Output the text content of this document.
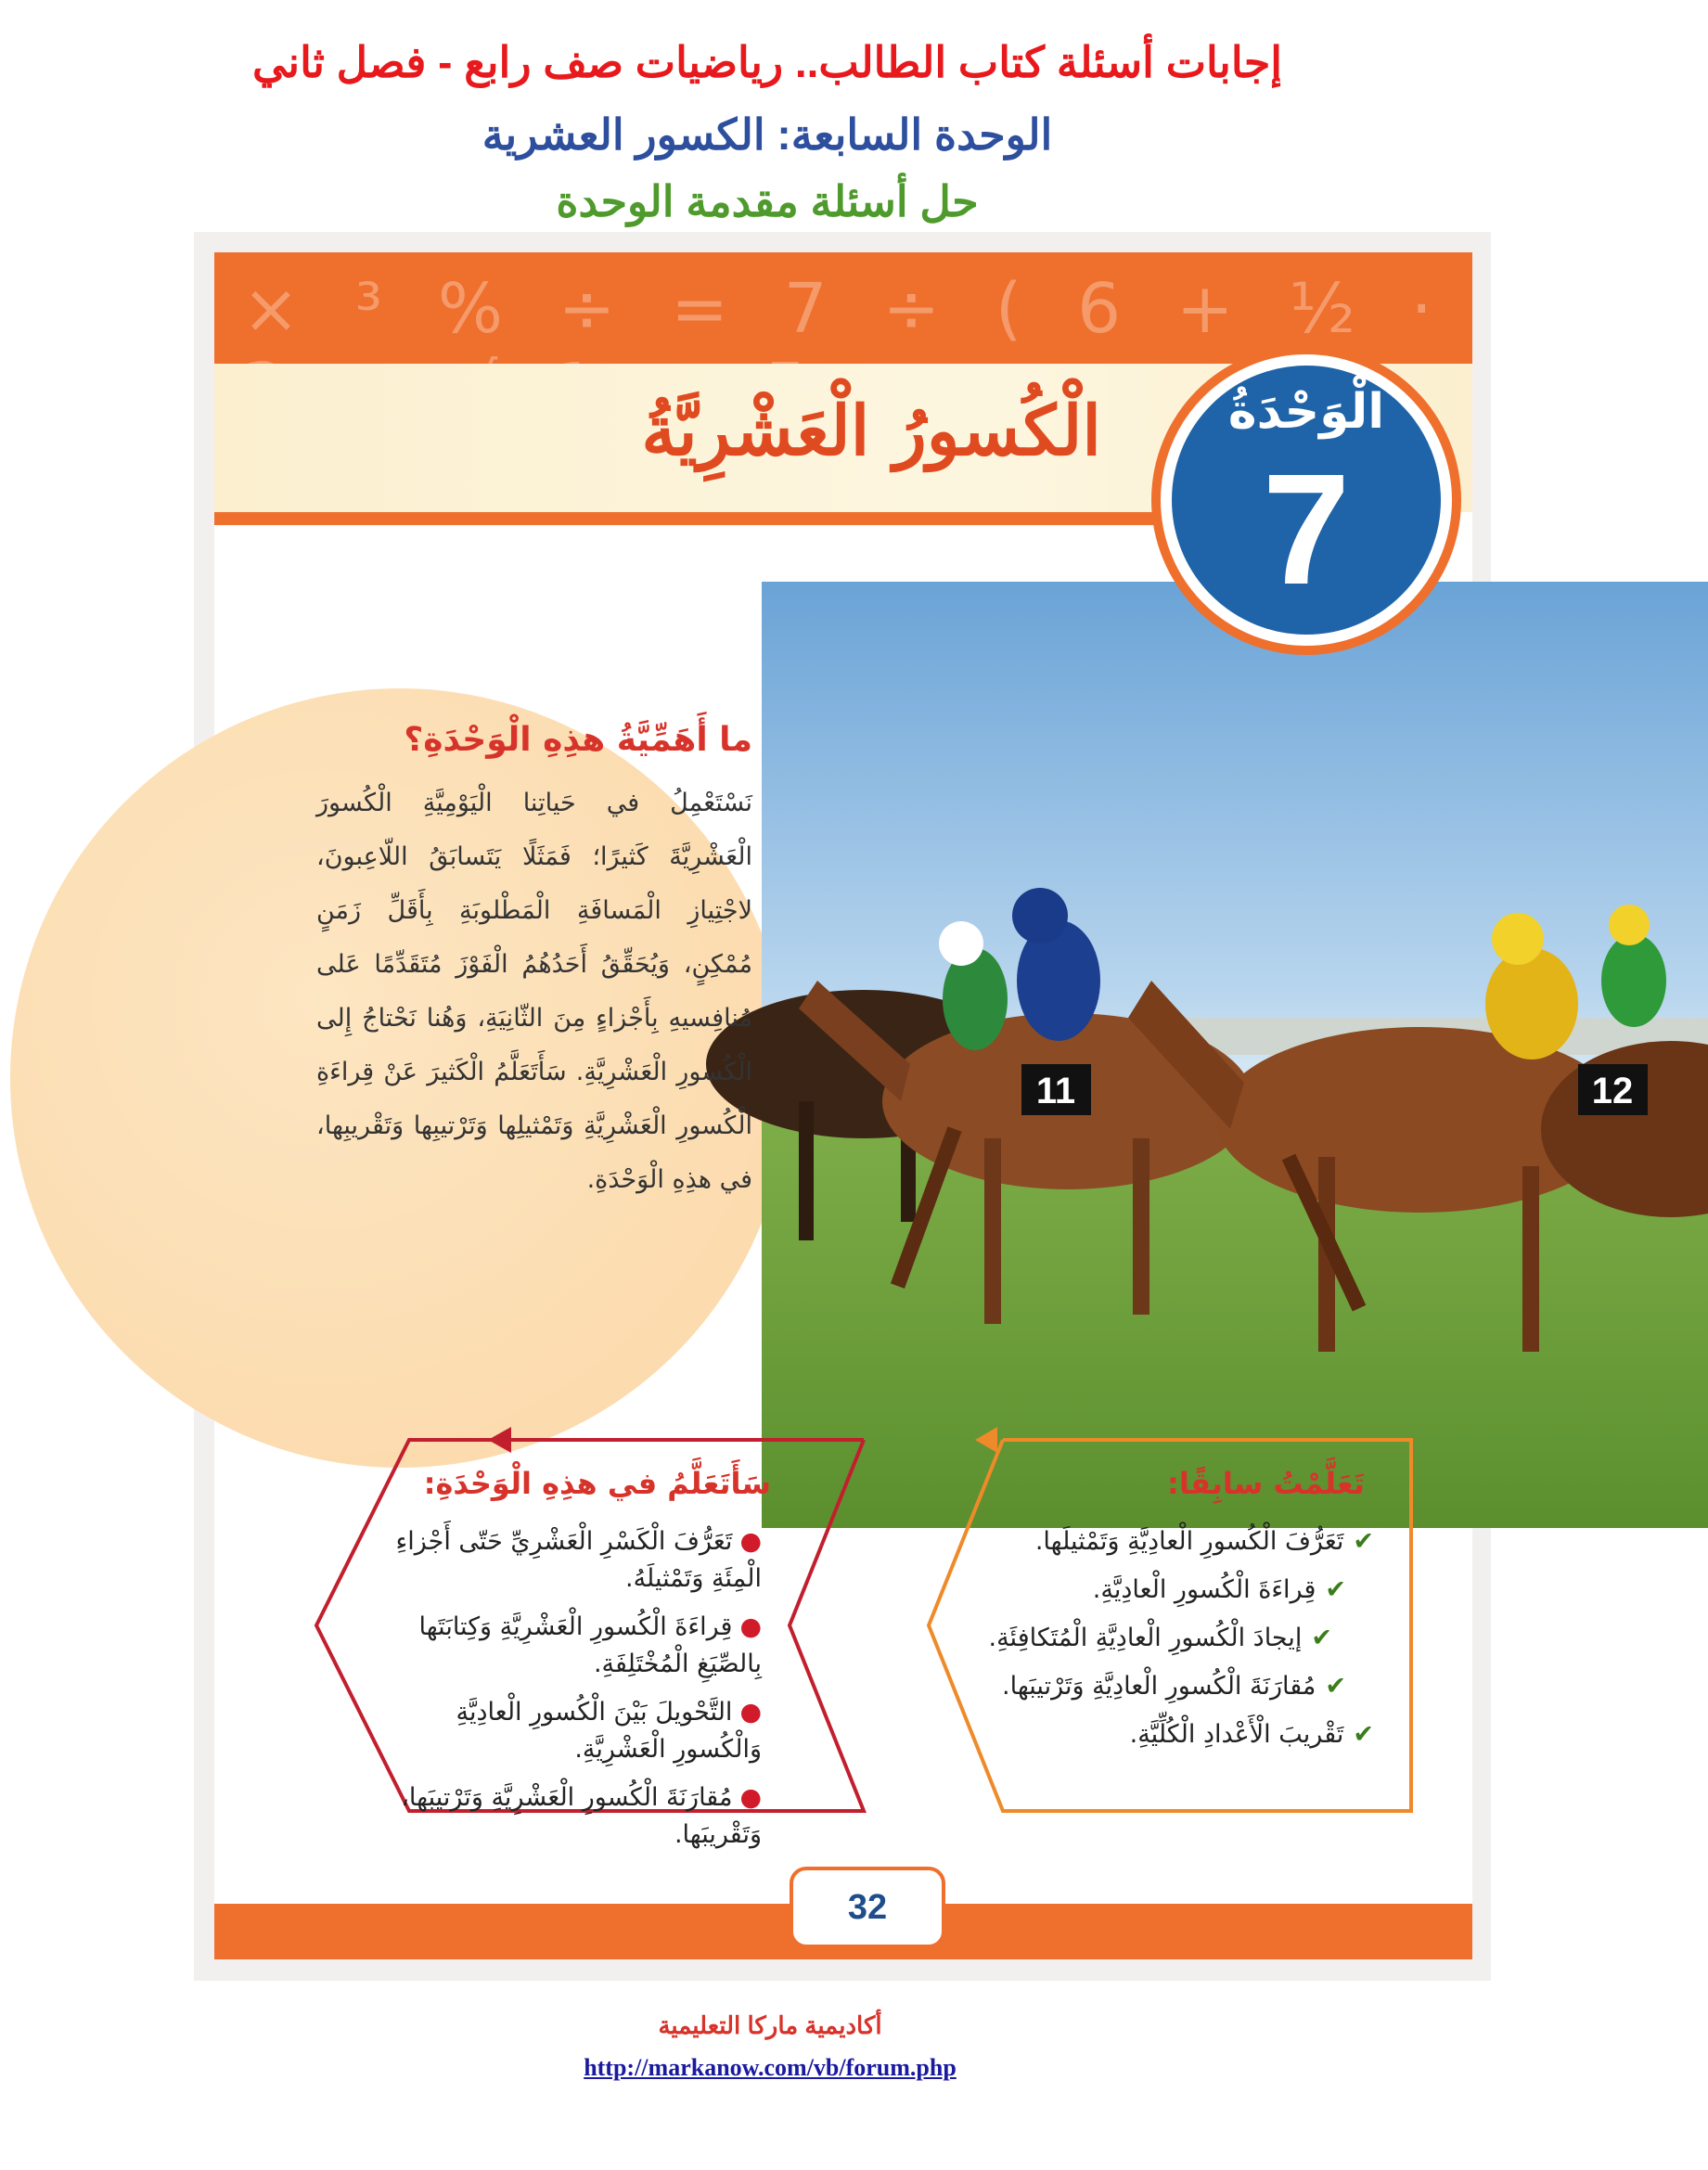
إجابات أسئلة كتاب الطالب.. رياضيات صف رابع - فصل ثاني
الوحدة السابعة: الكسور العشرية
حل أسئلة مقدمة الوحدة
× ³ % ÷ = 7 ÷ ( 6 + ½ ·
الْكُسورُ الْعَشْرِيَّةُ
11	12
الْوَحْدَةُ
7
ما أَهَمِّيَّةُ هذِهِ الْوَحْدَةِ؟
نَسْتَعْمِلُ في حَياتِنا الْيَوْمِيَّةِ الْكُسورَ الْعَشْرِيَّةَ كَثيرًا؛ فَمَثَلًا يَتَسابَقُ اللّاعِبونَ، لاجْتِيازِ الْمَسافَةِ الْمَطْلوبَةِ بِأَقَلِّ زَمَنٍ مُمْكِنٍ، وَيُحَقِّقُ أَحَدُهُمُ الْفَوْزَ مُتَقَدِّمًا عَلى مُنافِسيهِ بِأَجْزاءٍ مِنَ الثّانِيَةِ، وَهُنا نَحْتاجُ إِلى الْكُسورِ الْعَشْرِيَّةِ. سَأَتَعَلَّمُ الْكَثيرَ عَنْ قِراءَةِ الْكُسورِ الْعَشْرِيَّةِ وَتَمْثيلِها وَتَرْتيبِها وَتَقْريبِها، في هذِهِ الْوَحْدَةِ.
سَأَتَعَلَّمُ في هذِهِ الْوَحْدَةِ:
●تَعَرُّفَ الْكَسْرِ الْعَشْرِيِّ حَتّى أَجْزاءِ الْمِئَةِ وَتَمْثيلَهُ.
●قِراءَةَ الْكُسورِ الْعَشْرِيَّةِ وَكِتابَتَها بِالصِّيَغِ الْمُخْتَلِفَةِ.
●التَّحْويلَ بَيْنَ الْكُسورِ الْعادِيَّةِ وَالْكُسورِ الْعَشْرِيَّةِ.
●مُقارَنَةَ الْكُسورِ الْعَشْرِيَّةِ وَتَرْتيبَها، وَتَقْريبَها.
تَعَلَّمْتُ سابِقًا:
✔تَعَرُّفَ الْكُسورِ الْعادِيَّةِ وَتَمْثيلَها.
✔قِراءَةَ الْكُسورِ الْعادِيَّةِ.
✔إيجادَ الْكُسورِ الْعادِيَّةِ الْمُتَكافِئَةِ.
✔مُقارَنَةَ الْكُسورِ الْعادِيَّةِ وَتَرْتيبَها.
✔تَقْريبَ الْأَعْدادِ الْكُلِّيَّةِ.
32
أكاديمية ماركا التعليمية
http://markanow.com/vb/forum.php
